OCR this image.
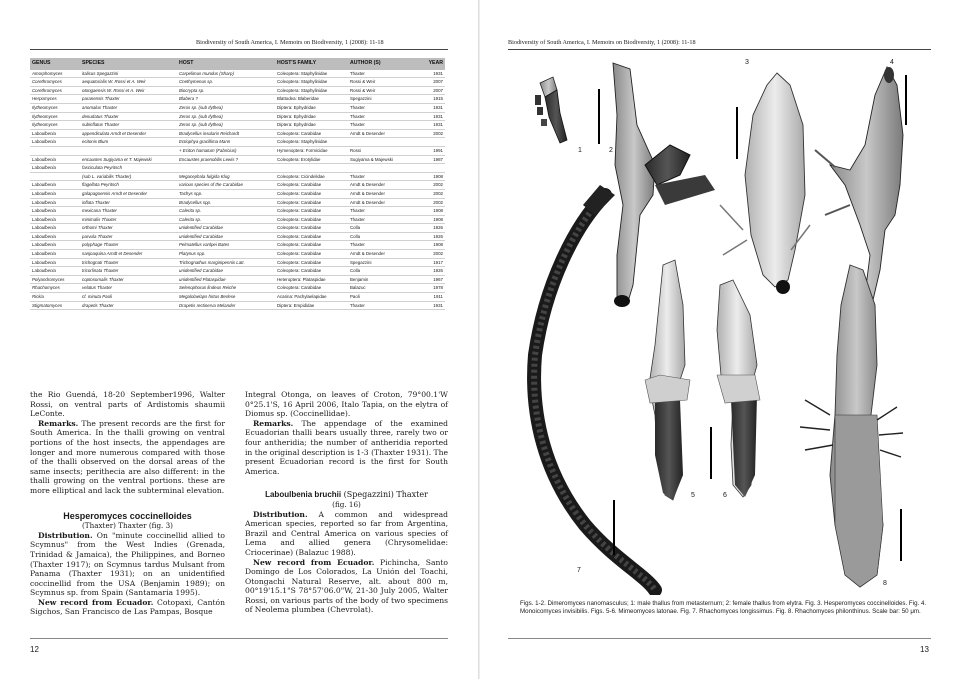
Biodiversity of South America, I. Memoirs on Biodiversity, 1 (2008): 11-18
GENUS	SPECIES	HOST	HOST'S FAMILY	AUTHOR (S)	YEAR
Amorphomyces	italicus Spegazzini	Carpelimus mundus (Sharp)	Coleoptera: Staphylinidae	Thaxter	1931
Corethromyces	aequatorialis W. Rossi et A. Weir	Cnethymenus sp.	Coleoptera: Staphylinidae	Rossi & Weir	2007
Corethromyces	otongaensis W. Rossi et A. Weir	Biocrypta sp.	Coleoptera: Staphylinidae	Rossi & Weir	2007
Herpomyces	paranensis Thaxter	Blabera ?	Blattodea: Blaberidae	Spegazzini	1915
Ilytheomyces	anomalus Thaxter	Zeros sp. (sub Ilythea)	Diptera: Ephydridae	Thaxter	1931
Ilytheomyces	denudatus Thaxter	Zeros sp. (sub Ilythea)	Diptera: Ephydridae	Thaxter	1931
Ilytheomyces	subinflatus Thaxter	Zeros sp. (sub Ilythea)	Diptera: Ephydridae	Thaxter	1931
Laboulbenia	appendiculata Arndt et Desender	Bradycellus insularis Reichardt	Coleoptera: Carabidae	Arndt & Desender	2002
Laboulbenia	ecitonis Blum	Ectiophya gracillima Mann	Coleoptera: Staphylinidae		
		+ Eciton hamatum (Fabricius)	Hymenoptera: Formicidae	Rossi	1991
Laboulbenia	encaustes Sugiyama et T. Majewski	Encaustes praenobilis Lewis ?	Coleoptera: Erotylidae	Sugiyama & Majewski	1987
Laboulbenia	fasciculata Peyritsch				
	(sub L. variabilis Thaxter)	Megacephala fulgida Klug	Coleoptera: Cicindelidae	Thaxter	1908
Laboulbenia	flagellata Peyritsch	various species of the Carabidae	Coleoptera: Carabidae	Arndt & Desender	2002
Laboulbenia	galapagoensis Arndt et Desender	Tachys spp.	Coleoptera: Carabidae	Arndt & Desender	2002
Laboulbenia	inflata Thaxter	Bradycellus spp.	Coleoptera: Carabidae	Arndt & Desender	2002
Laboulbenia	mexicana Thaxter	Calerita sp.	Coleoptera: Carabidae	Thaxter	1908
Laboulbenia	minimalis Thaxter	Calerita sp.	Coleoptera: Carabidae	Thaxter	1908
Laboulbenia	orthomi Thaxter	unidentified Carabidae	Coleoptera: Carabidae	Colla	1926
Laboulbenia	parvula Thaxter	unidentified Carabidae	Coleoptera: Carabidae	Colla	1926
Laboulbenia	polyphage Thaxter	Pelmatellus vanlpei Bates	Coleoptera: Carabidae	Thaxter	1908
Laboulbenia	sanjoaquina Arndt et Desender	Platynus spp.	Coleoptera: Carabidae	Arndt & Desender	2002
Laboulbenia	trichognati Thaxter	Trichognathus marginipennis Latr.	Coleoptera: Carabidae	Spegazzini	1917
Laboulbenia	tricorlinata Thaxter	unidentified Carabidae	Coleoptera: Carabidae	Colla	1926
Polyandromyces	coptosomalis Thaxter	unidentified Plataspidae	Heteroptera: Plataspidae	Benjamin	1967
Rhachomyces	velatus Thaxter	Selenophorus lindeus Reiche	Coleoptera: Carabidae	Balazuc	1978
Rickia	cf. minuta Paoli	Megalolaelaps hirtus Berlese	Acarina: Pachylaelapidae	Paoli	1911
Stigmatomyces	drapetis Thaxter	Drapetis rectinerva Melander	Diptera: Empididae	Thaxter	1931

the Rio Guendá, 18-20 September1996, Walter Rossi, on ventral parts of Ardistomis shaumii LeConte.

Remarks. The present records are the first for South America. In the thalli growing on ventral portions of the host insects, the appendages are longer and more numerous compared with those of the thalli observed on the dorsal areas of the same insects; perithecia are also different: in the thalli growing on the ventral portions. these are more elliptical and lack the subterminal elevation.

Hesperomyces coccinelloides

(Thaxter) Thaxter (fig. 3)

Distribution. On "minute coccinellid allied to Scymnus" from the West Indies (Grenada, Trinidad & Jamaica), the Philippines, and Borneo (Thaxter 1917); on Scymnus tardus Mulsant from Panama (Thaxter 1931); on an unidentified coccinellid from the USA (Benjamin 1989); on Scymnus sp. from Spain (Santamaria 1995).

New record from Ecuador. Cotopaxi, Cantón Sigchos, San Francisco de Las Pampas, Bosque

Integral Otonga, on leaves of Croton, 79°00.1'W 0°25.1'S, 16 April 2006, Italo Tapia, on the elytra of Diomus sp. (Coccinellidae).

Remarks. The appendage of the examined Ecuadorian thalli bears usually three, rarely two or four antheridia; the number of antheridia reported in the original description is 1-3 (Thaxter 1931). The present Ecuadorian record is the first for South America.

Laboulbenia bruchii (Spegazzini) Thaxter

(fig. 16)

Distribution. A common and widespread American species, reported so far from Argentina, Brazil and Central America on various species of Lema and allied genera (Chrysomelidae: Criocerinae) (Balazuc 1988).

New record from Ecuador. Pichincha, Santo Domingo de Los Colorados, La Unión del Toachi, Otongachi Natural Reserve, alt. about 800 m, 00°19'15.1"S 78°57'06.0"W, 21-30 July 2005, Walter Rossi, on various parts of the body of two specimens of Neolema plumbea (Chevrolat).

12
Biodiversity of South America, I. Memoirs on Biodiversity, 1 (2008): 11-18
13
1	2
3	4
5	6
7
8
Figs. 1-2. Dimeromyces nanomasculus; 1: male thallus from metasternum; 2: female thallus from elytra. Fig. 3. Hesperomyces coccinelloides. Fig. 4. Monoicomyces invisibilis. Figs. 5-6. Mimeomyces latonae. Fig. 7. Rhachomyces longissimus. Fig. 8. Rhachomyces philonthinus. Scale bar: 50 μm.
